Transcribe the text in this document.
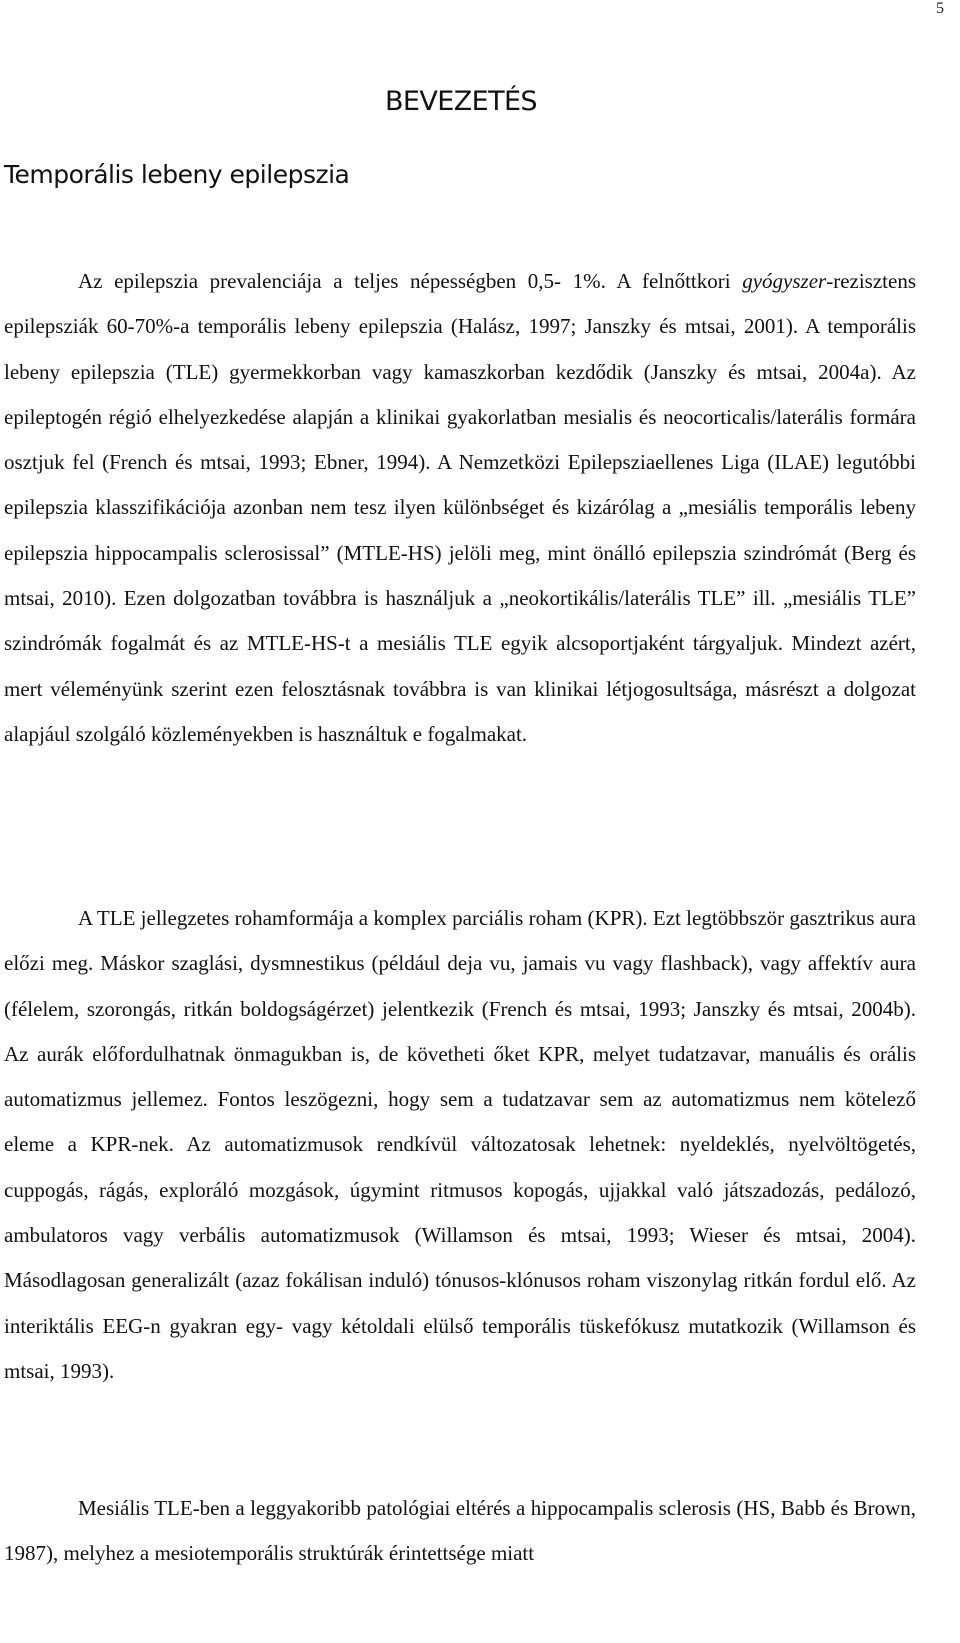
5
BEVEZETÉS
Temporális lebeny epilepszia

Az epilepszia prevalenciája a teljes népességben 0,5- 1%. A felnőttkori gyógyszer-rezisztens epilepsziák 60-70%-a temporális lebeny epilepszia (Halász, 1997; Janszky és mtsai, 2001). A temporális lebeny epilepszia (TLE) gyermekkorban vagy kamaszkorban kezdődik (Janszky és mtsai, 2004a). Az epileptogén régió elhelyezkedése alapján a klinikai gyakorlatban mesialis és neocorticalis/laterális formára osztjuk fel (French és mtsai, 1993; Ebner, 1994). A Nemzetközi Epilepsziaellenes Liga (ILAE) legutóbbi epilepszia klasszifikációja azonban nem tesz ilyen különbséget és kizárólag a „mesiális temporális lebeny epilepszia hippocampalis sclerosissal” (MTLE-HS) jelöli meg, mint önálló epilepszia szindrómát (Berg és mtsai, 2010). Ezen dolgozatban továbbra is használjuk a „neokortikális/laterális TLE” ill. „mesiális TLE” szindrómák fogalmát és az MTLE-HS-t a mesiális TLE egyik alcsoportjaként tárgyaljuk. Mindezt azért, mert véleményünk szerint ezen felosztásnak továbbra is van klinikai létjogosultsága, másrészt a dolgozat alapjául szolgáló közleményekben is használtuk e fogalmakat.

A TLE jellegzetes rohamformája a komplex parciális roham (KPR). Ezt legtöbbször gasztrikus aura előzi meg. Máskor szaglási, dysmnestikus (például deja vu, jamais vu vagy flashback), vagy affektív aura (félelem, szorongás, ritkán boldogságérzet) jelentkezik (French és mtsai, 1993; Janszky és mtsai, 2004b). Az aurák előfordulhatnak önmagukban is, de követheti őket KPR, melyet tudatzavar, manuális és orális automatizmus jellemez. Fontos leszögezni, hogy sem a tudatzavar sem az automatizmus nem kötelező eleme a KPR-nek. Az automatizmusok rendkívül változatosak lehetnek: nyeldeklés, nyelvöltögetés, cuppogás, rágás, exploráló mozgások, úgymint ritmusos kopogás, ujjakkal való játszadozás, pedálozó, ambulatoros vagy verbális automatizmusok (Willamson és mtsai, 1993; Wieser és mtsai, 2004). Másodlagosan generalizált (azaz fokálisan induló) tónusos-klónusos roham viszonylag ritkán fordul elő. Az interiktális EEG-n gyakran egy- vagy kétoldali elülső temporális tüskefókusz mutatkozik (Willamson és mtsai, 1993).

Mesiális TLE-ben a leggyakoribb patológiai eltérés a hippocampalis sclerosis (HS, Babb és Brown, 1987), melyhez a mesiotemporális struktúrák érintettsége miatt
